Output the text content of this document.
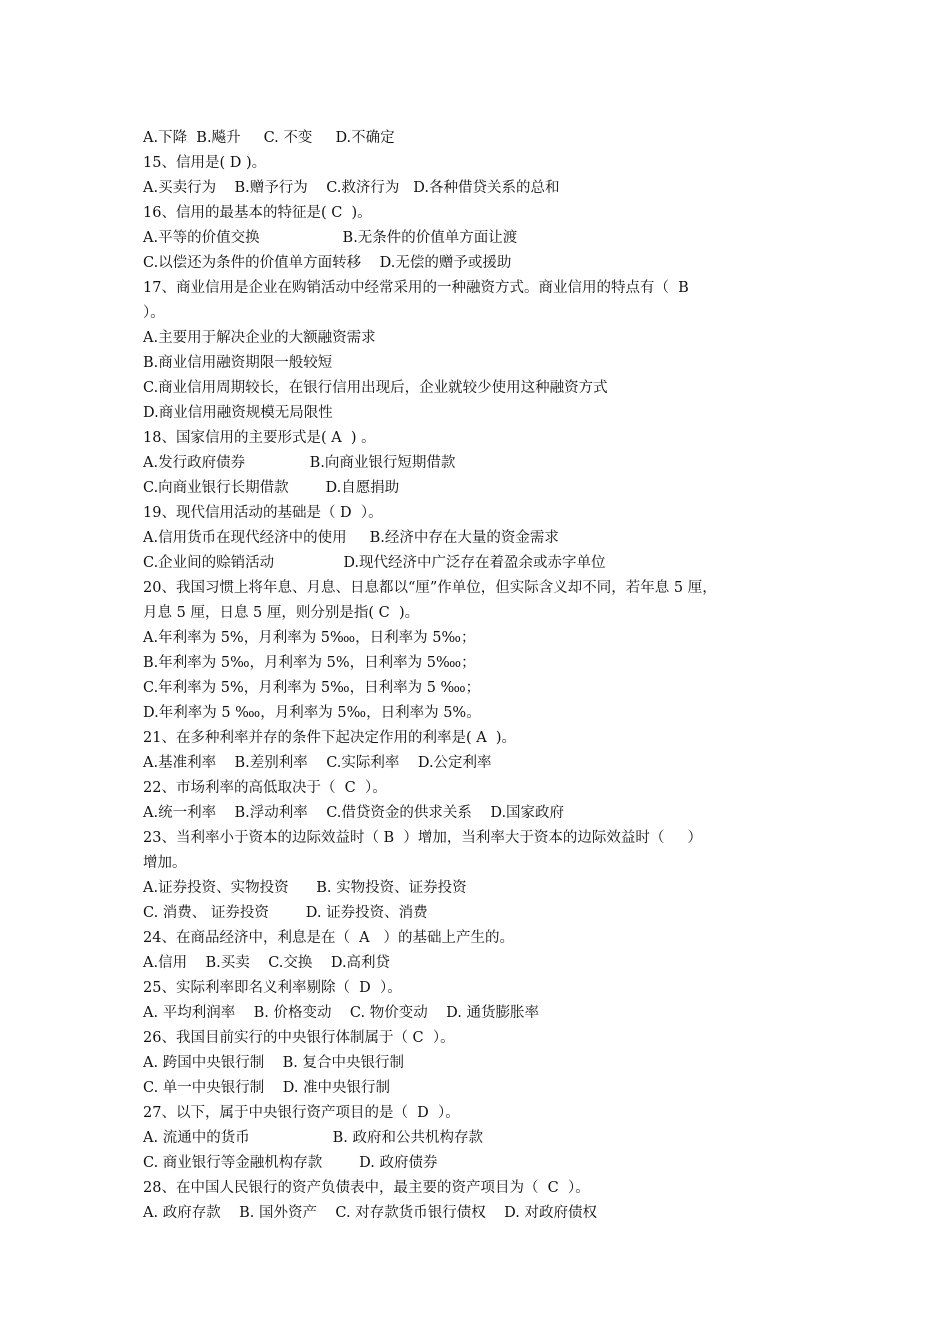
A.下降  B.飚升     C. 不变     D.不确定
15、信用是( D )。
A.买卖行为    B.赠予行为    C.救济行为   D.各种借贷关系的总和
16、信用的最基本的特征是( C  )。
A.平等的价值交换                  B.无条件的价值单方面让渡
C.以偿还为条件的价值单方面转移    D.无偿的赠予或援助
17、商业信用是企业在购销活动中经常采用的一种融资方式。商业信用的特点有（  B
）。
A.主要用于解决企业的大额融资需求
B.商业信用融资期限一般较短
C.商业信用周期较长，在银行信用出现后，企业就较少使用这种融资方式
D.商业信用融资规模无局限性
18、国家信用的主要形式是( A  ) 。
A.发行政府债券              B.向商业银行短期借款
C.向商业银行长期借款        D.自愿捐助
19、现代信用活动的基础是（ D  ）。
A.信用货币在现代经济中的使用     B.经济中存在大量的资金需求
C.企业间的赊销活动               D.现代经济中广泛存在着盈余或赤字单位
20、我国习惯上将年息、月息、日息都以“厘”作单位，但实际含义却不同，若年息 5 厘，
月息 5 厘，日息 5 厘，则分别是指( C  )。
A.年利率为 5%，月利率为 5‱，日利率为 5‰；
B.年利率为 5‰，月利率为 5%，日利率为 5‱；
C.年利率为 5%，月利率为 5‰，日利率为 5 ‱；
D.年利率为 5 ‱，月利率为 5‰，日利率为 5%。
21、在多种利率并存的条件下起决定作用的利率是( A  )。
A.基准利率    B.差别利率    C.实际利率    D.公定利率
22、市场利率的高低取决于（  C  ）。
A.统一利率    B.浮动利率    C.借贷资金的供求关系    D.国家政府
23、当利率小于资本的边际效益时（ B  ）增加，当利率大于资本的边际效益时（     ）
增加。
A.证券投资、实物投资      B. 实物投资、证券投资
C. 消费、 证券投资        D. 证券投资、消费
24、在商品经济中，利息是在（  A   ）的基础上产生的。
A.信用    B.买卖    C.交换    D.高利贷
25、实际利率即名义利率剔除（  D  ）。
A. 平均利润率    B. 价格变动    C. 物价变动    D. 通货膨胀率
26、我国目前实行的中央银行体制属于（ C  ）。
A. 跨国中央银行制    B. 复合中央银行制
C. 单一中央银行制    D. 准中央银行制
27、以下，属于中央银行资产项目的是（  D  ）。
A. 流通中的货币                  B. 政府和公共机构存款
C. 商业银行等金融机构存款        D. 政府债券
28、在中国人民银行的资产负债表中，最主要的资产项目为（  C  ）。
A. 政府存款    B. 国外资产    C. 对存款货币银行债权    D. 对政府债权
